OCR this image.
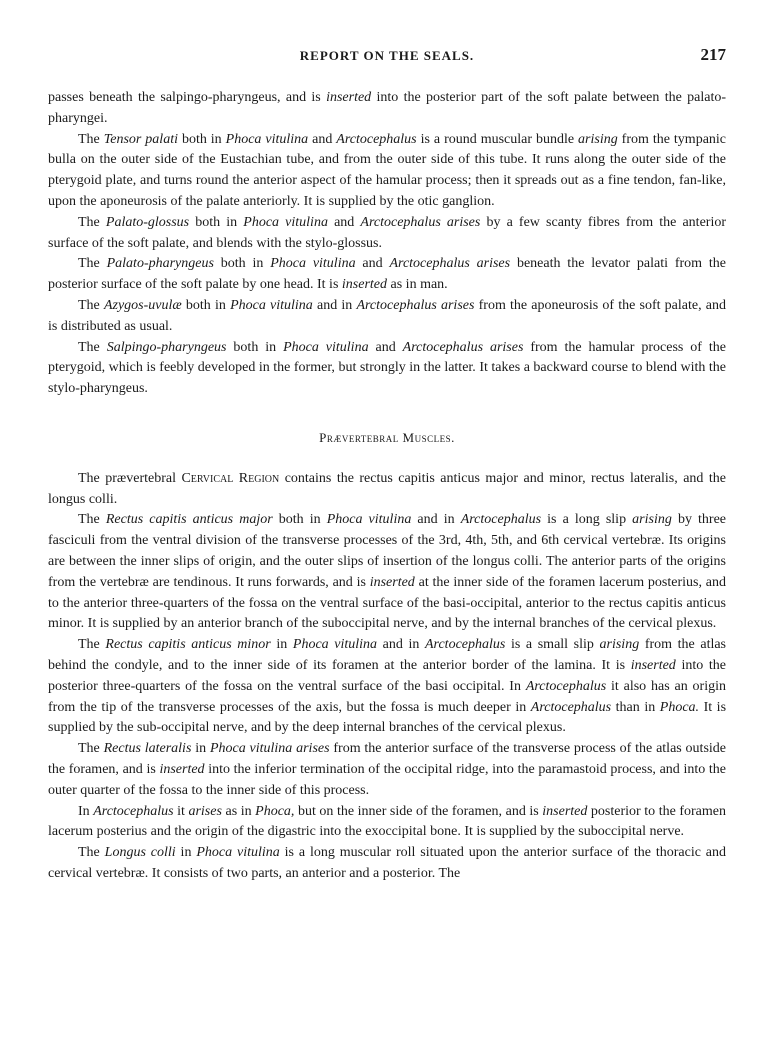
REPORT ON THE SEALS.	217

passes beneath the salpingo-pharyngeus, and is inserted into the posterior part of the soft palate between the palato-pharyngei.

The Tensor palati both in Phoca vitulina and Arctocephalus is a round muscular bundle arising from the tympanic bulla on the outer side of the Eustachian tube, and from the outer side of this tube. It runs along the outer side of the pterygoid plate, and turns round the anterior aspect of the hamular process; then it spreads out as a fine tendon, fan-like, upon the aponeurosis of the palate anteriorly. It is supplied by the otic ganglion.

The Palato-glossus both in Phoca vitulina and Arctocephalus arises by a few scanty fibres from the anterior surface of the soft palate, and blends with the stylo-glossus.

The Palato-pharyngeus both in Phoca vitulina and Arctocephalus arises beneath the levator palati from the posterior surface of the soft palate by one head. It is inserted as in man.

The Azygos-uvulæ both in Phoca vitulina and in Arctocephalus arises from the aponeurosis of the soft palate, and is distributed as usual.

The Salpingo-pharyngeus both in Phoca vitulina and Arctocephalus arises from the hamular process of the pterygoid, which is feebly developed in the former, but strongly in the latter. It takes a backward course to blend with the stylo-pharyngeus.

Prævertebral Muscles.

The prævertebral Cervical Region contains the rectus capitis anticus major and minor, rectus lateralis, and the longus colli.

The Rectus capitis anticus major both in Phoca vitulina and in Arctocephalus is a long slip arising by three fasciculi from the ventral division of the transverse processes of the 3rd, 4th, 5th, and 6th cervical vertebræ. Its origins are between the inner slips of origin, and the outer slips of insertion of the longus colli. The anterior parts of the origins from the vertebræ are tendinous. It runs forwards, and is inserted at the inner side of the foramen lacerum posterius, and to the anterior three-quarters of the fossa on the ventral surface of the basi-occipital, anterior to the rectus capitis anticus minor. It is supplied by an anterior branch of the suboccipital nerve, and by the internal branches of the cervical plexus.

The Rectus capitis anticus minor in Phoca vitulina and in Arctocephalus is a small slip arising from the atlas behind the condyle, and to the inner side of its foramen at the anterior border of the lamina. It is inserted into the posterior three-quarters of the fossa on the ventral surface of the basi occipital. In Arctocephalus it also has an origin from the tip of the transverse processes of the axis, but the fossa is much deeper in Arctocephalus than in Phoca. It is supplied by the sub-occipital nerve, and by the deep internal branches of the cervical plexus.

The Rectus lateralis in Phoca vitulina arises from the anterior surface of the transverse process of the atlas outside the foramen, and is inserted into the inferior termination of the occipital ridge, into the paramastoid process, and into the outer quarter of the fossa to the inner side of this process.

In Arctocephalus it arises as in Phoca, but on the inner side of the foramen, and is inserted posterior to the foramen lacerum posterius and the origin of the digastric into the exoccipital bone. It is supplied by the suboccipital nerve.

The Longus colli in Phoca vitulina is a long muscular roll situated upon the anterior surface of the thoracic and cervical vertebræ. It consists of two parts, an anterior and a posterior. The
